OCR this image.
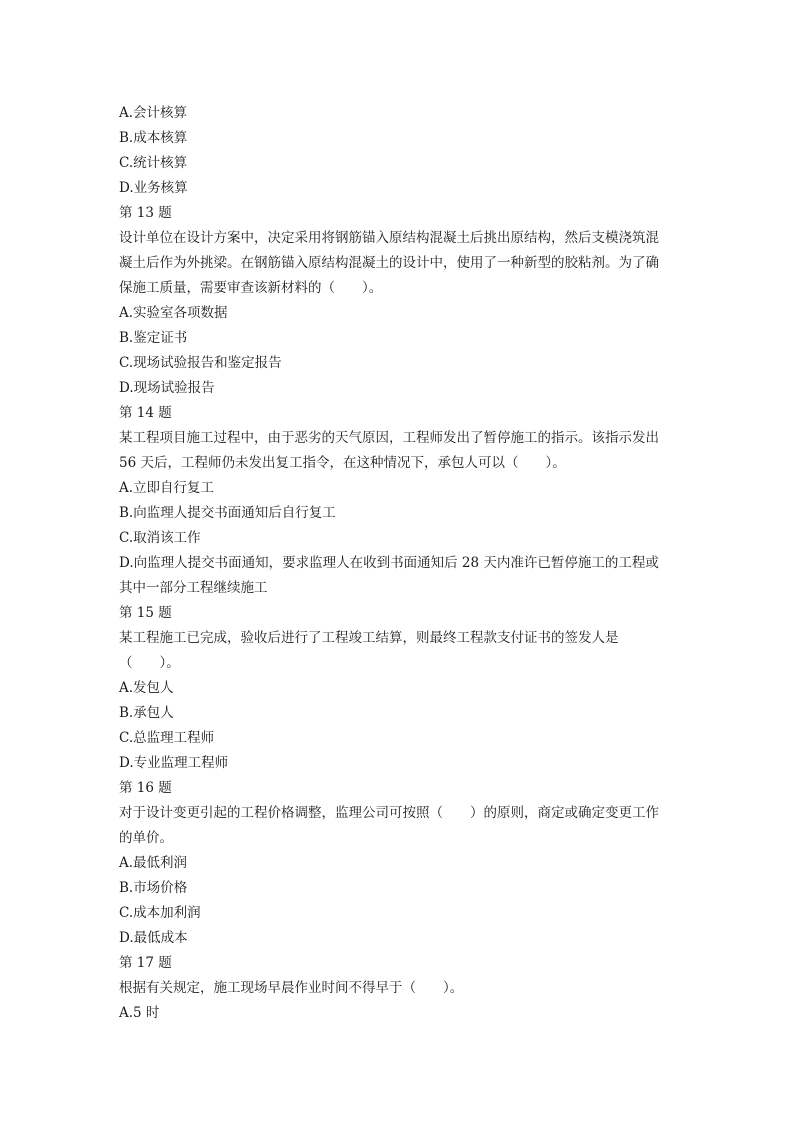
A.会计核算

B.成本核算

C.统计核算

D.业务核算

第 13 题

设计单位在设计方案中，决定采用将钢筋锚入原结构混凝土后挑出原结构，然后支模浇筑混

凝土后作为外挑梁。在钢筋锚入原结构混凝土的设计中，使用了一种新型的胶粘剂。为了确

保施工质量，需要审查该新材料的（　　）。

A.实验室各项数据

B.鉴定证书

C.现场试验报告和鉴定报告

D.现场试验报告

第 14 题

某工程项目施工过程中，由于恶劣的天气原因，工程师发出了暂停施工的指示。该指示发出

56 天后，工程师仍未发出复工指令，在这种情况下，承包人可以（　　）。

A.立即自行复工

B.向监理人提交书面通知后自行复工

C.取消该工作

D.向监理人提交书面通知，要求监理人在收到书面通知后 28 天内准许已暂停施工的工程或

其中一部分工程继续施工

第 15 题

某工程施工已完成，验收后进行了工程竣工结算，则最终工程款支付证书的签发人是

（　　）。

A.发包人

B.承包人

C.总监理工程师

D.专业监理工程师

第 16 题

对于设计变更引起的工程价格调整，监理公司可按照（　　）的原则，商定或确定变更工作

的单价。

A.最低利润

B.市场价格

C.成本加利润

D.最低成本

第 17 题

根据有关规定，施工现场早晨作业时间不得早于（　　）。

A.5 时
